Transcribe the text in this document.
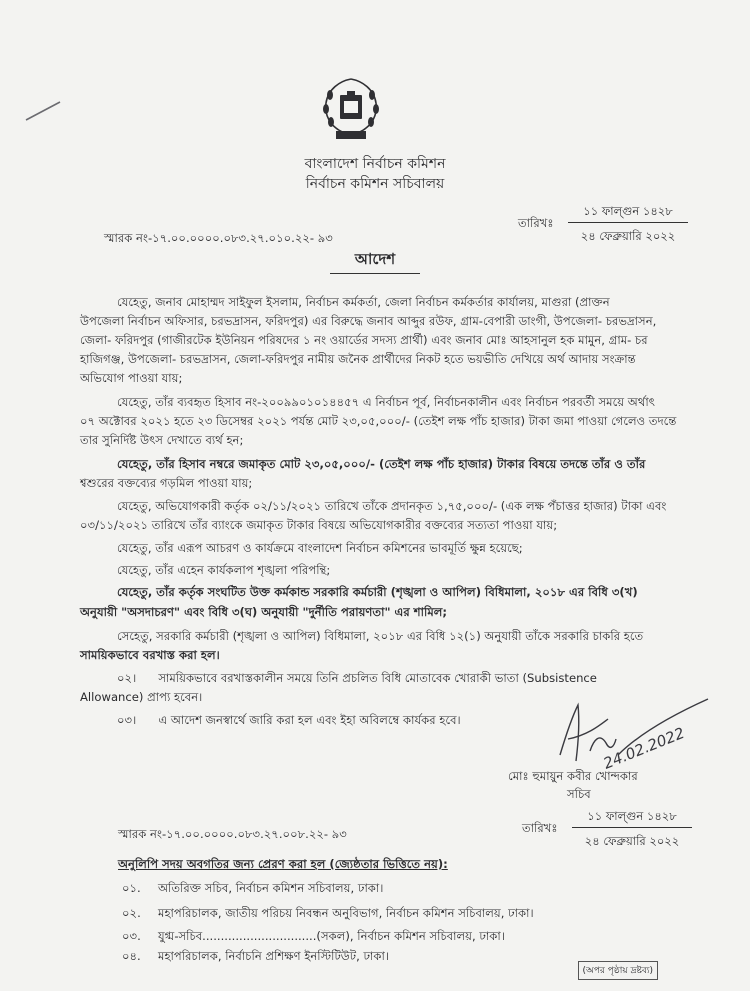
বাংলাদেশ নির্বাচন কমিশন
নির্বাচন কমিশন সচিবালয়
স্মারক নং-১৭.০০.০০০০.০৮৩.২৭.০১০.২২- ৯৩
তারিখঃ
১১ ফাল্গুন ১৪২৮
২৪ ফেব্রুয়ারি ২০২২
আদেশ
যেহেতু, জনাব মোহাম্মদ সাইফুল ইসলাম, নির্বাচন কর্মকর্তা, জেলা নির্বাচন কর্মকর্তার কার্যালয়, মাগুরা (প্রাক্তন
উপজেলা নির্বাচন অফিসার, চরভদ্রাসন, ফরিদপুর) এর বিরুদ্ধে জনাব আব্দুর রউফ, গ্রাম-বেপারী ডাংগী, উপজেলা- চরভদ্রাসন,
জেলা- ফরিদপুর (গাজীরটেক ইউনিয়ন পরিষদের ১ নং ওয়ার্ডের সদস্য প্রার্থী) এবং জনাব মোঃ আহসানুল হক মামুন, গ্রাম- চর
হাজিগঞ্জ, উপজেলা- চরভদ্রাসন, জেলা-ফরিদপুর নামীয় জনৈক প্রার্থীদের নিকট হতে ভয়ভীতি দেখিয়ে অর্থ আদায় সংক্রান্ত
অভিযোগ পাওয়া যায়;
যেহেতু, তাঁর ব্যবহৃত হিসাব নং-২০০৯৯০১০১৪৪৫৭ এ নির্বাচন পূর্ব, নির্বাচনকালীন এবং নির্বাচন পরবর্তী সময়ে অর্থাৎ
০৭ অক্টোবর ২০২১ হতে ২৩ ডিসেম্বর ২০২১ পর্যন্ত মোট ২৩,০৫,০০০/- (তেইশ লক্ষ পাঁচ হাজার) টাকা জমা পাওয়া গেলেও তদন্তে
তার সুনির্দিষ্ট উৎস দেখাতে ব্যর্থ হন;
যেহেতু, তাঁর হিসাব নম্বরে জমাকৃত মোট ২৩,০৫,০০০/- (তেইশ লক্ষ পাঁচ হাজার) টাকার বিষয়ে তদন্তে তাঁর ও তাঁর
শ্বশুরের বক্তব্যের গড়মিল পাওয়া যায়;
যেহেতু, অভিযোগকারী কর্তৃক ০২/১১/২০২১ তারিখে তাঁকে প্রদানকৃত ১,৭৫,০০০/- (এক লক্ষ পঁচাত্তর হাজার) টাকা এবং
০৩/১১/২০২১ তারিখে তাঁর ব্যাংকে জমাকৃত টাকার বিষয়ে অভিযোগকারীর বক্তব্যের সত্যতা পাওয়া যায়;
যেহেতু, তাঁর এরূপ আচরণ ও কার্যক্রমে বাংলাদেশ নির্বাচন কমিশনের ভাবমূর্তি ক্ষুন্ন হয়েছে;
যেহেতু, তাঁর এহেন কার্যকলাপ শৃঙ্খলা পরিপন্থি;
যেহেতু, তাঁর কর্তৃক সংঘটিত উক্ত কর্মকান্ড সরকারি কর্মচারী (শৃঙ্খলা ও আপিল) বিধিমালা, ২০১৮ এর বিধি ৩(খ)
অনুযায়ী "অসদাচরণ" এবং বিধি ৩(ঘ) অনুযায়ী "দুর্নীতি পরায়ণতা" এর শামিল;
সেহেতু, সরকারি কর্মচারী (শৃঙ্খলা ও আপিল) বিধিমালা, ২০১৮ এর বিধি ১২(১) অনুযায়ী তাঁকে সরকারি চাকরি হতে
সাময়িকভাবে বরখাস্ত করা হল।
০২।      সাময়িকভাবে বরখাস্তকালীন সময়ে তিনি প্রচলিত বিধি মোতাবেক খোরাকী ভাতা (Subsistence
Allowance) প্রাপ্য হবেন।
০৩।      এ আদেশ জনস্বার্থে জারি করা হল এবং ইহা অবিলম্বে কার্যকর হবে।
24.02.2022
মোঃ হুমায়ুন কবীর খোন্দকার
সচিব
স্মারক নং-১৭.০০.০০০০.০৮৩.২৭.০০৮.২২- ৯৩	তারিখঃ
১১ ফাল্গুন ১৪২৮
২৪ ফেব্রুয়ারি ২০২২
অনুলিপি সদয় অবগতির জন্য প্রেরণ করা হল (জ্যেষ্ঠতার ভিত্তিতে নয়):
০১.	অতিরিক্ত সচিব, নির্বাচন কমিশন সচিবালয়, ঢাকা।
০২.	মহাপরিচালক, জাতীয় পরিচয় নিবন্ধন অনুবিভাগ, নির্বাচন কমিশন সচিবালয়, ঢাকা।
০৩.	যুগ্ম-সচিব...............................(সকল), নির্বাচন কমিশন সচিবালয়, ঢাকা।
০৪.	মহাপরিচালক, নির্বাচনি প্রশিক্ষণ ইনস্টিটিউট, ঢাকা।
(অপর পৃষ্ঠায় দ্রষ্টব্য)
